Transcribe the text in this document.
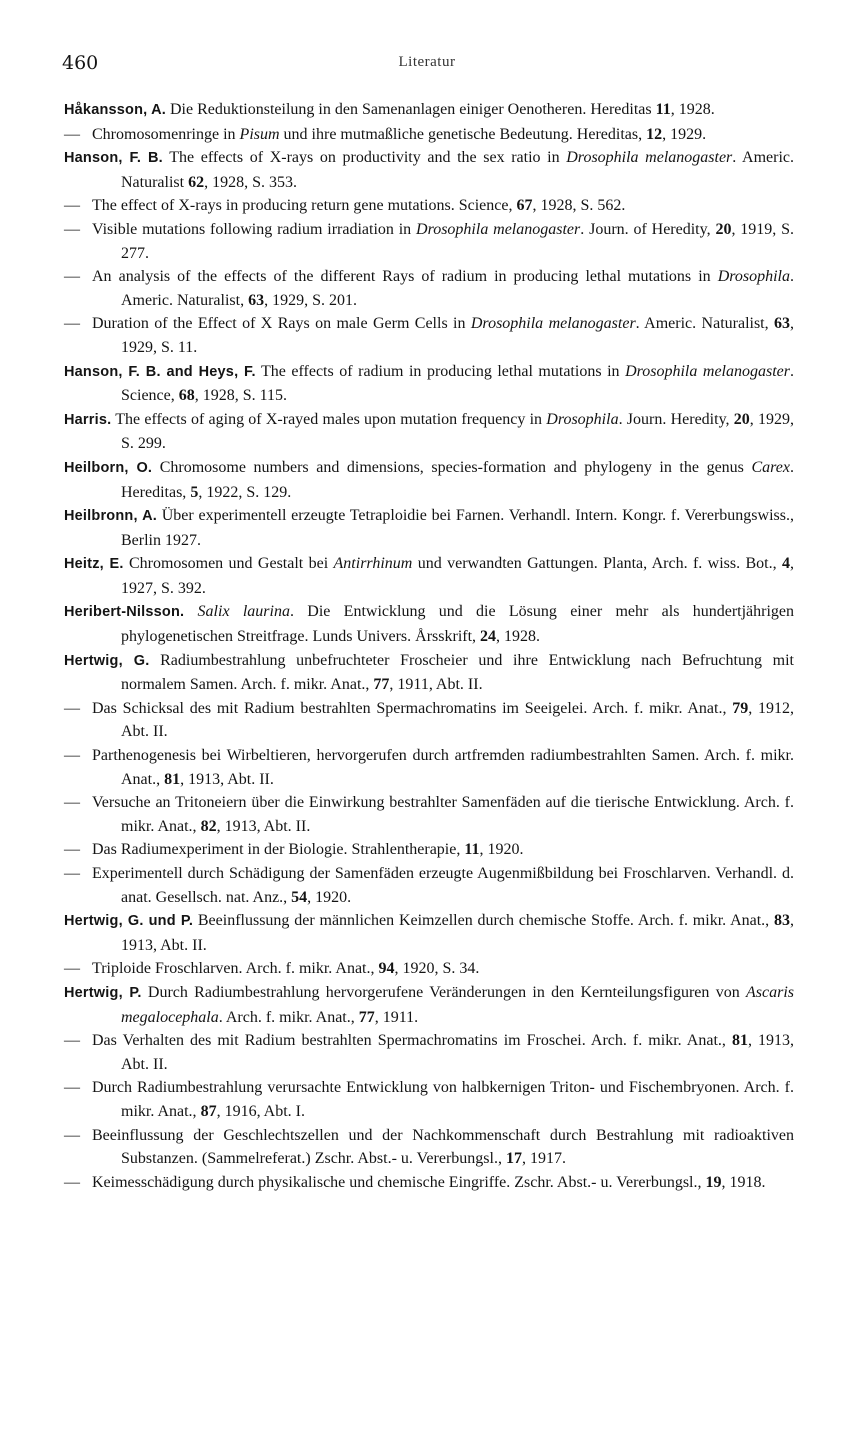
460	Literatur
Håkansson, A. Die Reduktionsteilung in den Samenanlagen einiger Oenotheren. Hereditas 11, 1928.
— Chromosomenringe in Pisum und ihre mutmaßliche genetische Bedeutung. Hereditas, 12, 1929.
Hanson, F. B. The effects of X-rays on productivity and the sex ratio in Drosophila melanogaster. Americ. Naturalist 62, 1928, S. 353.
— The effect of X-rays in producing return gene mutations. Science, 67, 1928, S. 562.
— Visible mutations following radium irradiation in Drosophila melanogaster. Journ. of Heredity, 20, 1919, S. 277.
— An analysis of the effects of the different Rays of radium in producing lethal mutations in Drosophila. Americ. Naturalist, 63, 1929, S. 201.
— Duration of the Effect of X Rays on male Germ Cells in Drosophila melanogaster. Americ. Naturalist, 63, 1929, S. 11.
Hanson, F. B. and Heys, F. The effects of radium in producing lethal mutations in Drosophila melanogaster. Science, 68, 1928, S. 115.
Harris. The effects of aging of X-rayed males upon mutation frequency in Drosophila. Journ. Heredity, 20, 1929, S. 299.
Heilborn, O. Chromosome numbers and dimensions, species-formation and phylogeny in the genus Carex. Hereditas, 5, 1922, S. 129.
Heilbronn, A. Über experimentell erzeugte Tetraploidie bei Farnen. Verhandl. Intern. Kongr. f. Vererbungswiss., Berlin 1927.
Heitz, E. Chromosomen und Gestalt bei Antirrhinum und verwandten Gattungen. Planta, Arch. f. wiss. Bot., 4, 1927, S. 392.
Heribert-Nilsson. Salix laurina. Die Entwicklung und die Lösung einer mehr als hundertjährigen phylogenetischen Streitfrage. Lunds Univers. Årsskrift, 24, 1928.
Hertwig, G. Radiumbestrahlung unbefruchteter Froscheier und ihre Entwicklung nach Befruchtung mit normalem Samen. Arch. f. mikr. Anat., 77, 1911, Abt. II.
— Das Schicksal des mit Radium bestrahlten Spermachromatins im Seeigelei. Arch. f. mikr. Anat., 79, 1912, Abt. II.
— Parthenogenesis bei Wirbeltieren, hervorgerufen durch artfremden radiumbestrahlten Samen. Arch. f. mikr. Anat., 81, 1913, Abt. II.
— Versuche an Tritoneiern über die Einwirkung bestrahlter Samenfäden auf die tierische Entwicklung. Arch. f. mikr. Anat., 82, 1913, Abt. II.
— Das Radiumexperiment in der Biologie. Strahlentherapie, 11, 1920.
— Experimentell durch Schädigung der Samenfäden erzeugte Augenmißbildung bei Froschlarven. Verhandl. d. anat. Gesellsch. nat. Anz., 54, 1920.
Hertwig, G. und P. Beeinflussung der männlichen Keimzellen durch chemische Stoffe. Arch. f. mikr. Anat., 83, 1913, Abt. II.
— Triploide Froschlarven. Arch. f. mikr. Anat., 94, 1920, S. 34.
Hertwig, P. Durch Radiumbestrahlung hervorgerufene Veränderungen in den Kernteilungsfiguren von Ascaris megalocephala. Arch. f. mikr. Anat., 77, 1911.
— Das Verhalten des mit Radium bestrahlten Spermachromatins im Froschei. Arch. f. mikr. Anat., 81, 1913, Abt. II.
— Durch Radiumbestrahlung verursachte Entwicklung von halbkernigen Triton- und Fischembryonen. Arch. f. mikr. Anat., 87, 1916, Abt. I.
— Beeinflussung der Geschlechtszellen und der Nachkommenschaft durch Bestrahlung mit radioaktiven Substanzen. (Sammelreferat.) Zschr. Abst.- u. Vererbungsl., 17, 1917.
— Keimesschädigung durch physikalische und chemische Eingriffe. Zschr. Abst.- u. Vererbungsl., 19, 1918.
